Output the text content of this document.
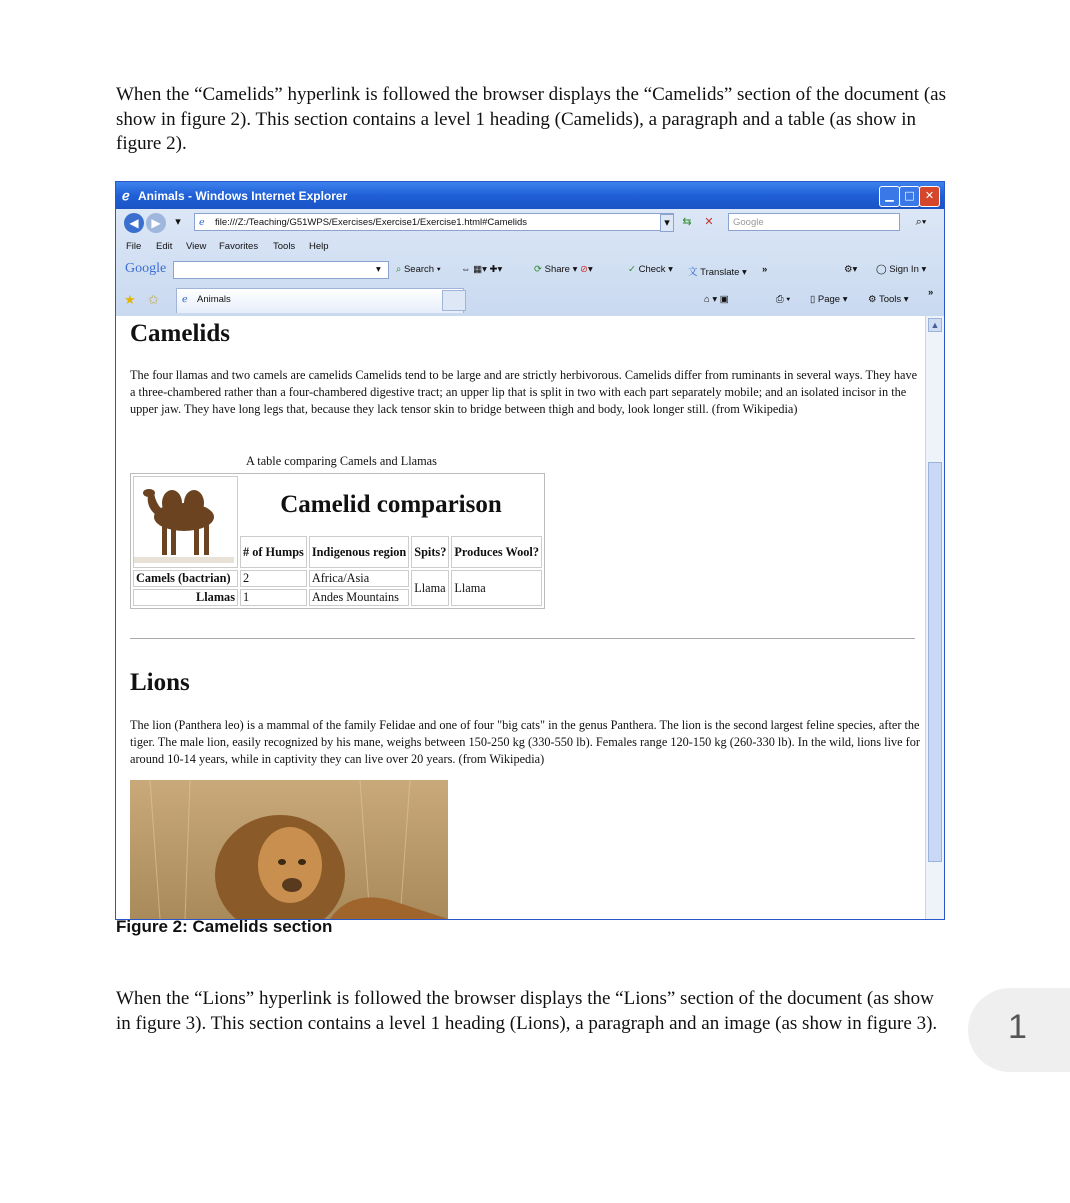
When the “Camelids” hyperlink is followed the browser displays the “Camelids” section of the document (as show in figure 2). This section contains a level 1 heading (Camelids), a paragraph and a table (as show in figure 2).
ℯ Animals - Windows Internet Explorer	▁ □ ✕
◀	▶	▾	ℯ file:///Z:/Teaching/G51WPS/Exercises/Exercise1/Exercise1.html#Camelids	▾	⇆	✕	Google	⌕▾
File Edit View Favorites Tools Help
Google	▾ ⌕ Search ▾ ⇔ ▦▾ ✚▾	⟳ Share ▾ ⊘▾	✓ Check ▾ 文 Translate ▾ »	⚙▾ ◯ Sign In ▾
★ ✩ ℯ Animals	⌂ ▾ ▣	⎙ ▾ ▯ Page ▾ ⚙ Tools ▾
»
Camelids
The four llamas and two camels are camelids Camelids tend to be large and are strictly herbivorous. Camelids differ from ruminants in several ways. They have a three-chambered rather than a four-chambered digestive tract; an upper lip that is split in two with each part separately mobile; and an isolated incisor in the upper jaw. They have long legs that, because they lack tensor skin to bridge between thigh and body, look longer still. (from Wikipedia)
A table comparing Camels and Llamas
	Camelid comparison			
	# of Humps	Indigenous region	Spits?	Produces Wool?
Camels (bactrian)	2	Africa/Asia	Llama	Llama
Llamas	1	Andes Mountains		
Lions
The lion (Panthera leo) is a mammal of the family Felidae and one of four "big cats" in the genus Panthera. The lion is the second largest feline species, after the tiger. The male lion, easily recognized by his mane, weighs between 150-250 kg (330-550 lb). Females range 120-150 kg (260-330 lb). In the wild, lions live for around 10-14 years, while in captivity they can live over 20 years. (from Wikipedia)
▲
Figure 2: Camelids section
When the “Lions” hyperlink is followed the browser displays the “Lions” section of the document (as show in figure 3). This section contains a level 1 heading (Lions), a paragraph and an image (as show in figure 3). 1
